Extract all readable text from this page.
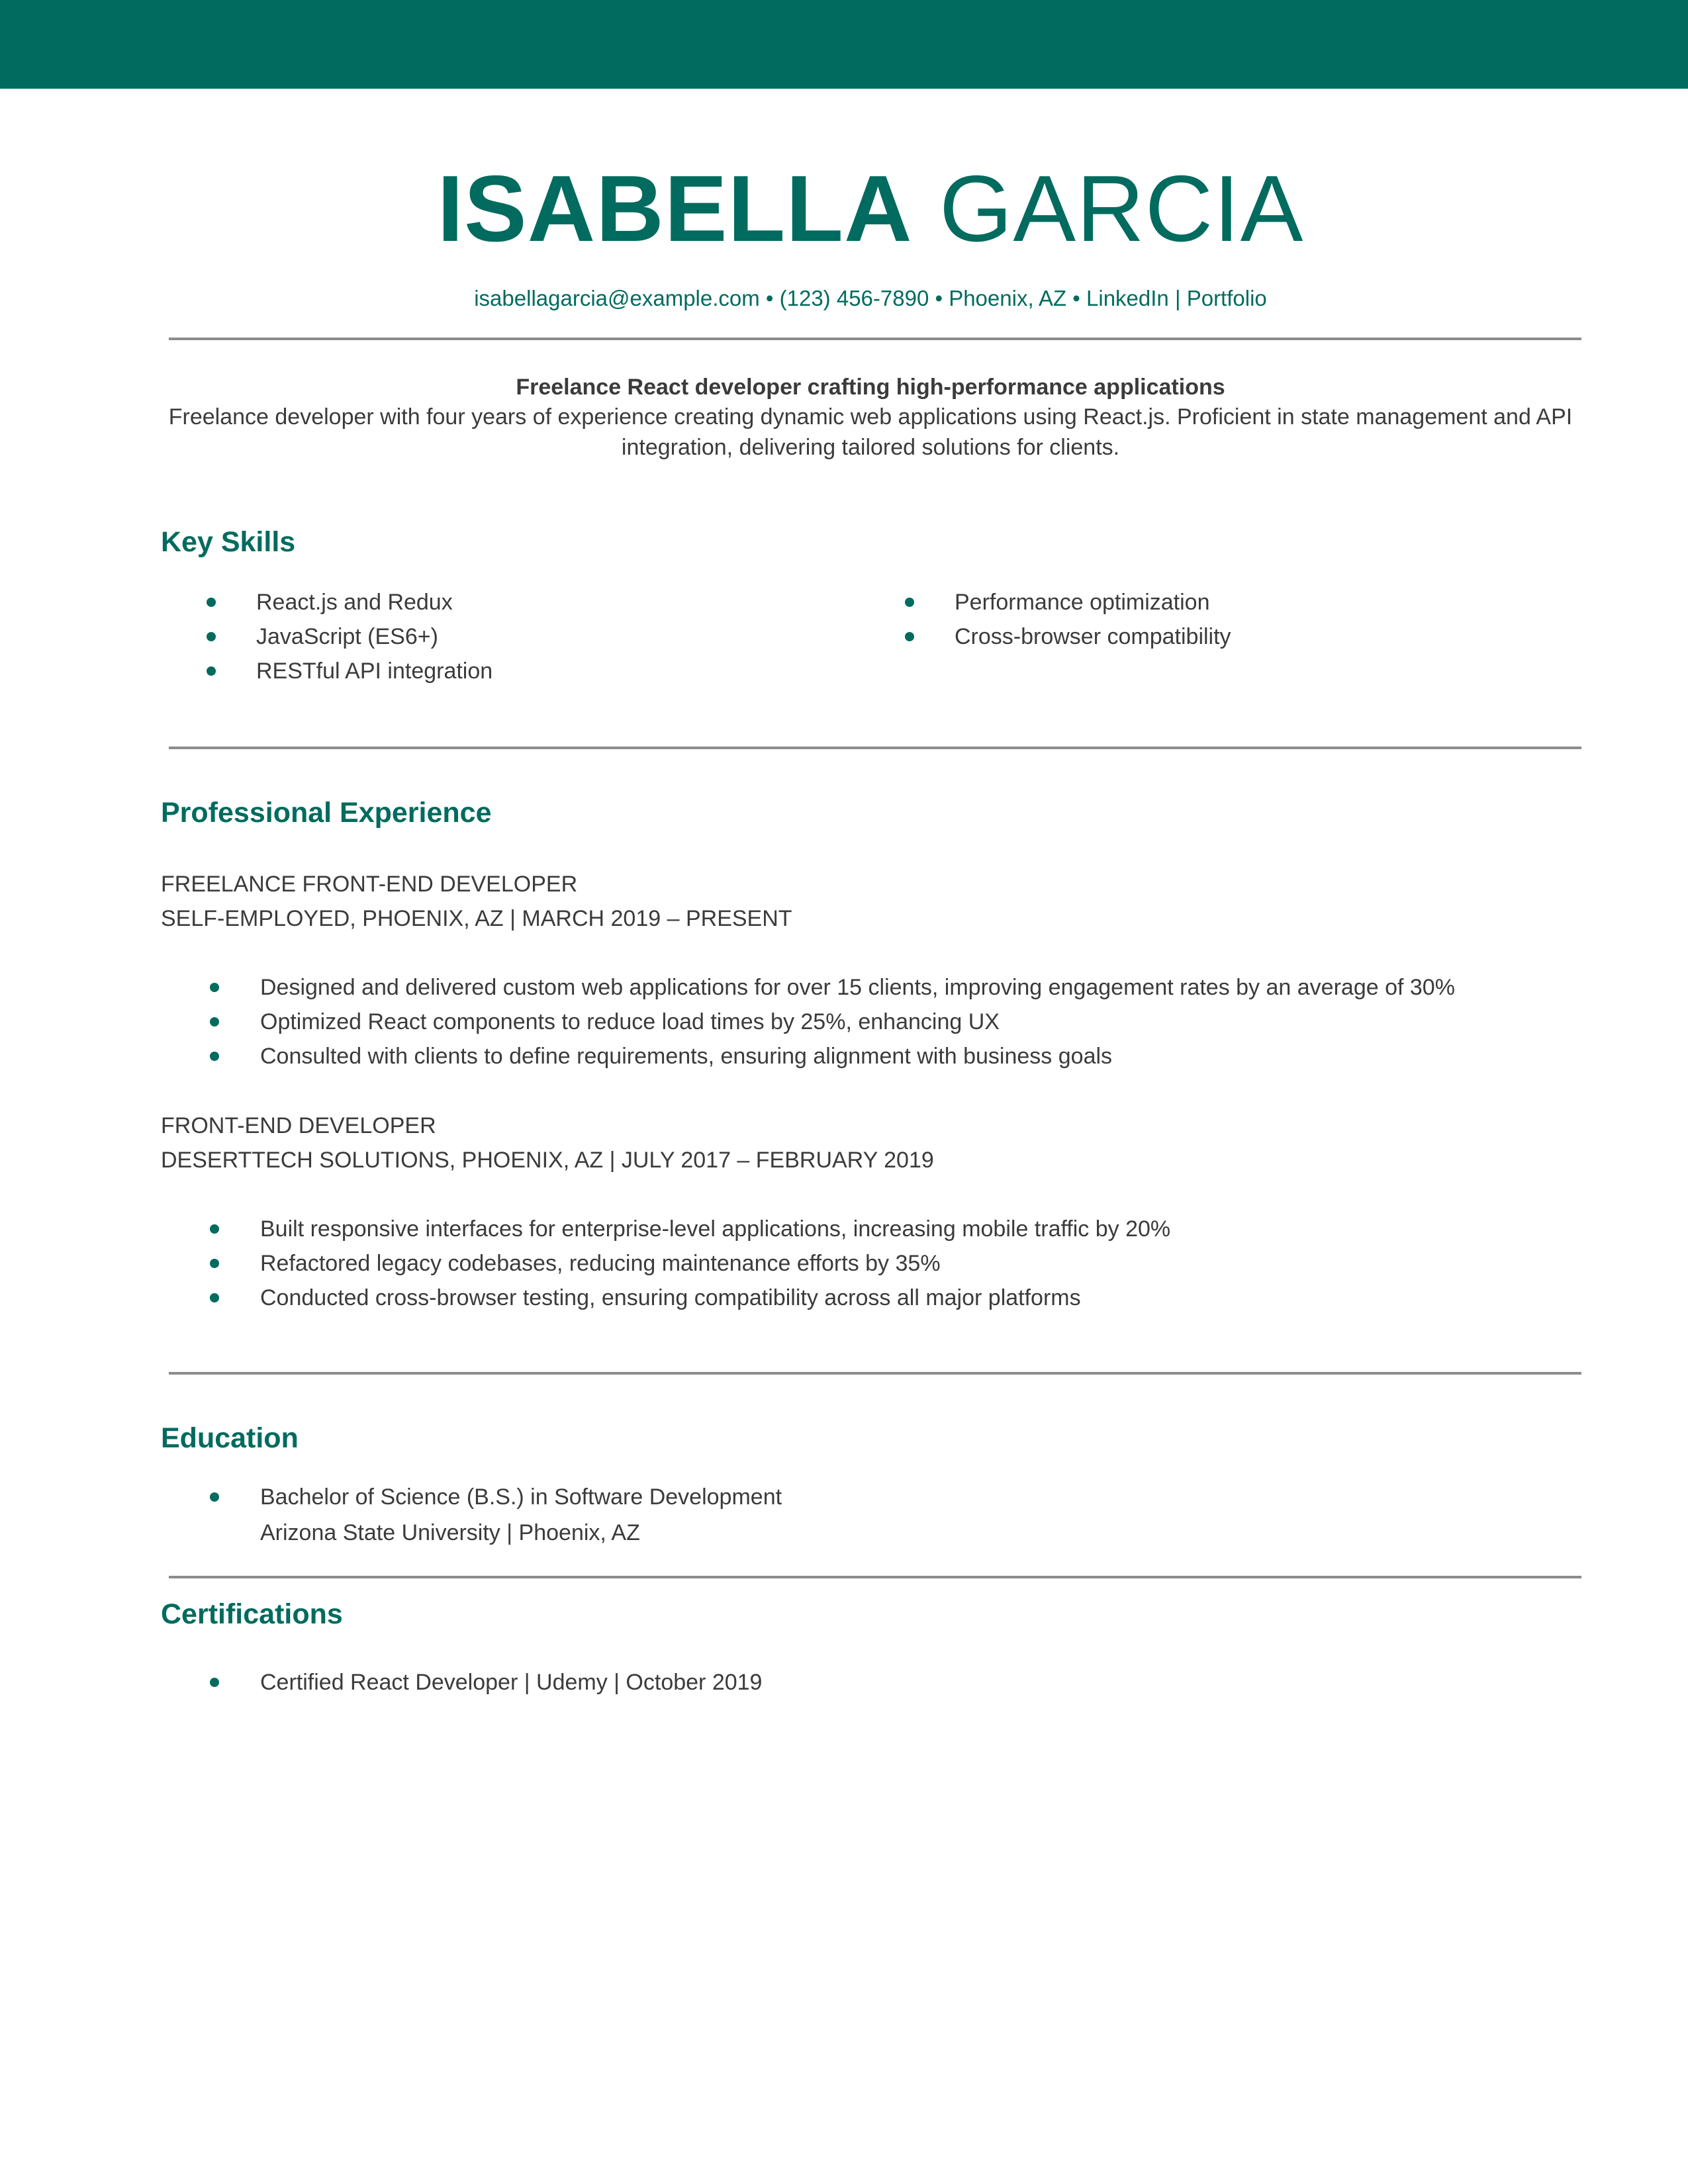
ISABELLA GARCIA
isabellagarcia@example.com • (123) 456-7890 • Phoenix, AZ • LinkedIn | Portfolio
Freelance React developer crafting high-performance applications
Freelance developer with four years of experience creating dynamic web applications using React.js. Proficient in state management and API integration, delivering tailored solutions for clients.
Key Skills
React.js and Redux
JavaScript (ES6+)
RESTful API integration
Performance optimization
Cross-browser compatibility
Professional Experience
FREELANCE FRONT-END DEVELOPER
SELF-EMPLOYED, PHOENIX, AZ | MARCH 2019 – PRESENT
Designed and delivered custom web applications for over 15 clients, improving engagement rates by an average of 30%
Optimized React components to reduce load times by 25%, enhancing UX
Consulted with clients to define requirements, ensuring alignment with business goals
FRONT-END DEVELOPER
DESERTTECH SOLUTIONS, PHOENIX, AZ | JULY 2017 – FEBRUARY 2019
Built responsive interfaces for enterprise-level applications, increasing mobile traffic by 20%
Refactored legacy codebases, reducing maintenance efforts by 35%
Conducted cross-browser testing, ensuring compatibility across all major platforms
Education
Bachelor of Science (B.S.) in Software Development
Arizona State University | Phoenix, AZ
Certifications
Certified React Developer | Udemy | October 2019
